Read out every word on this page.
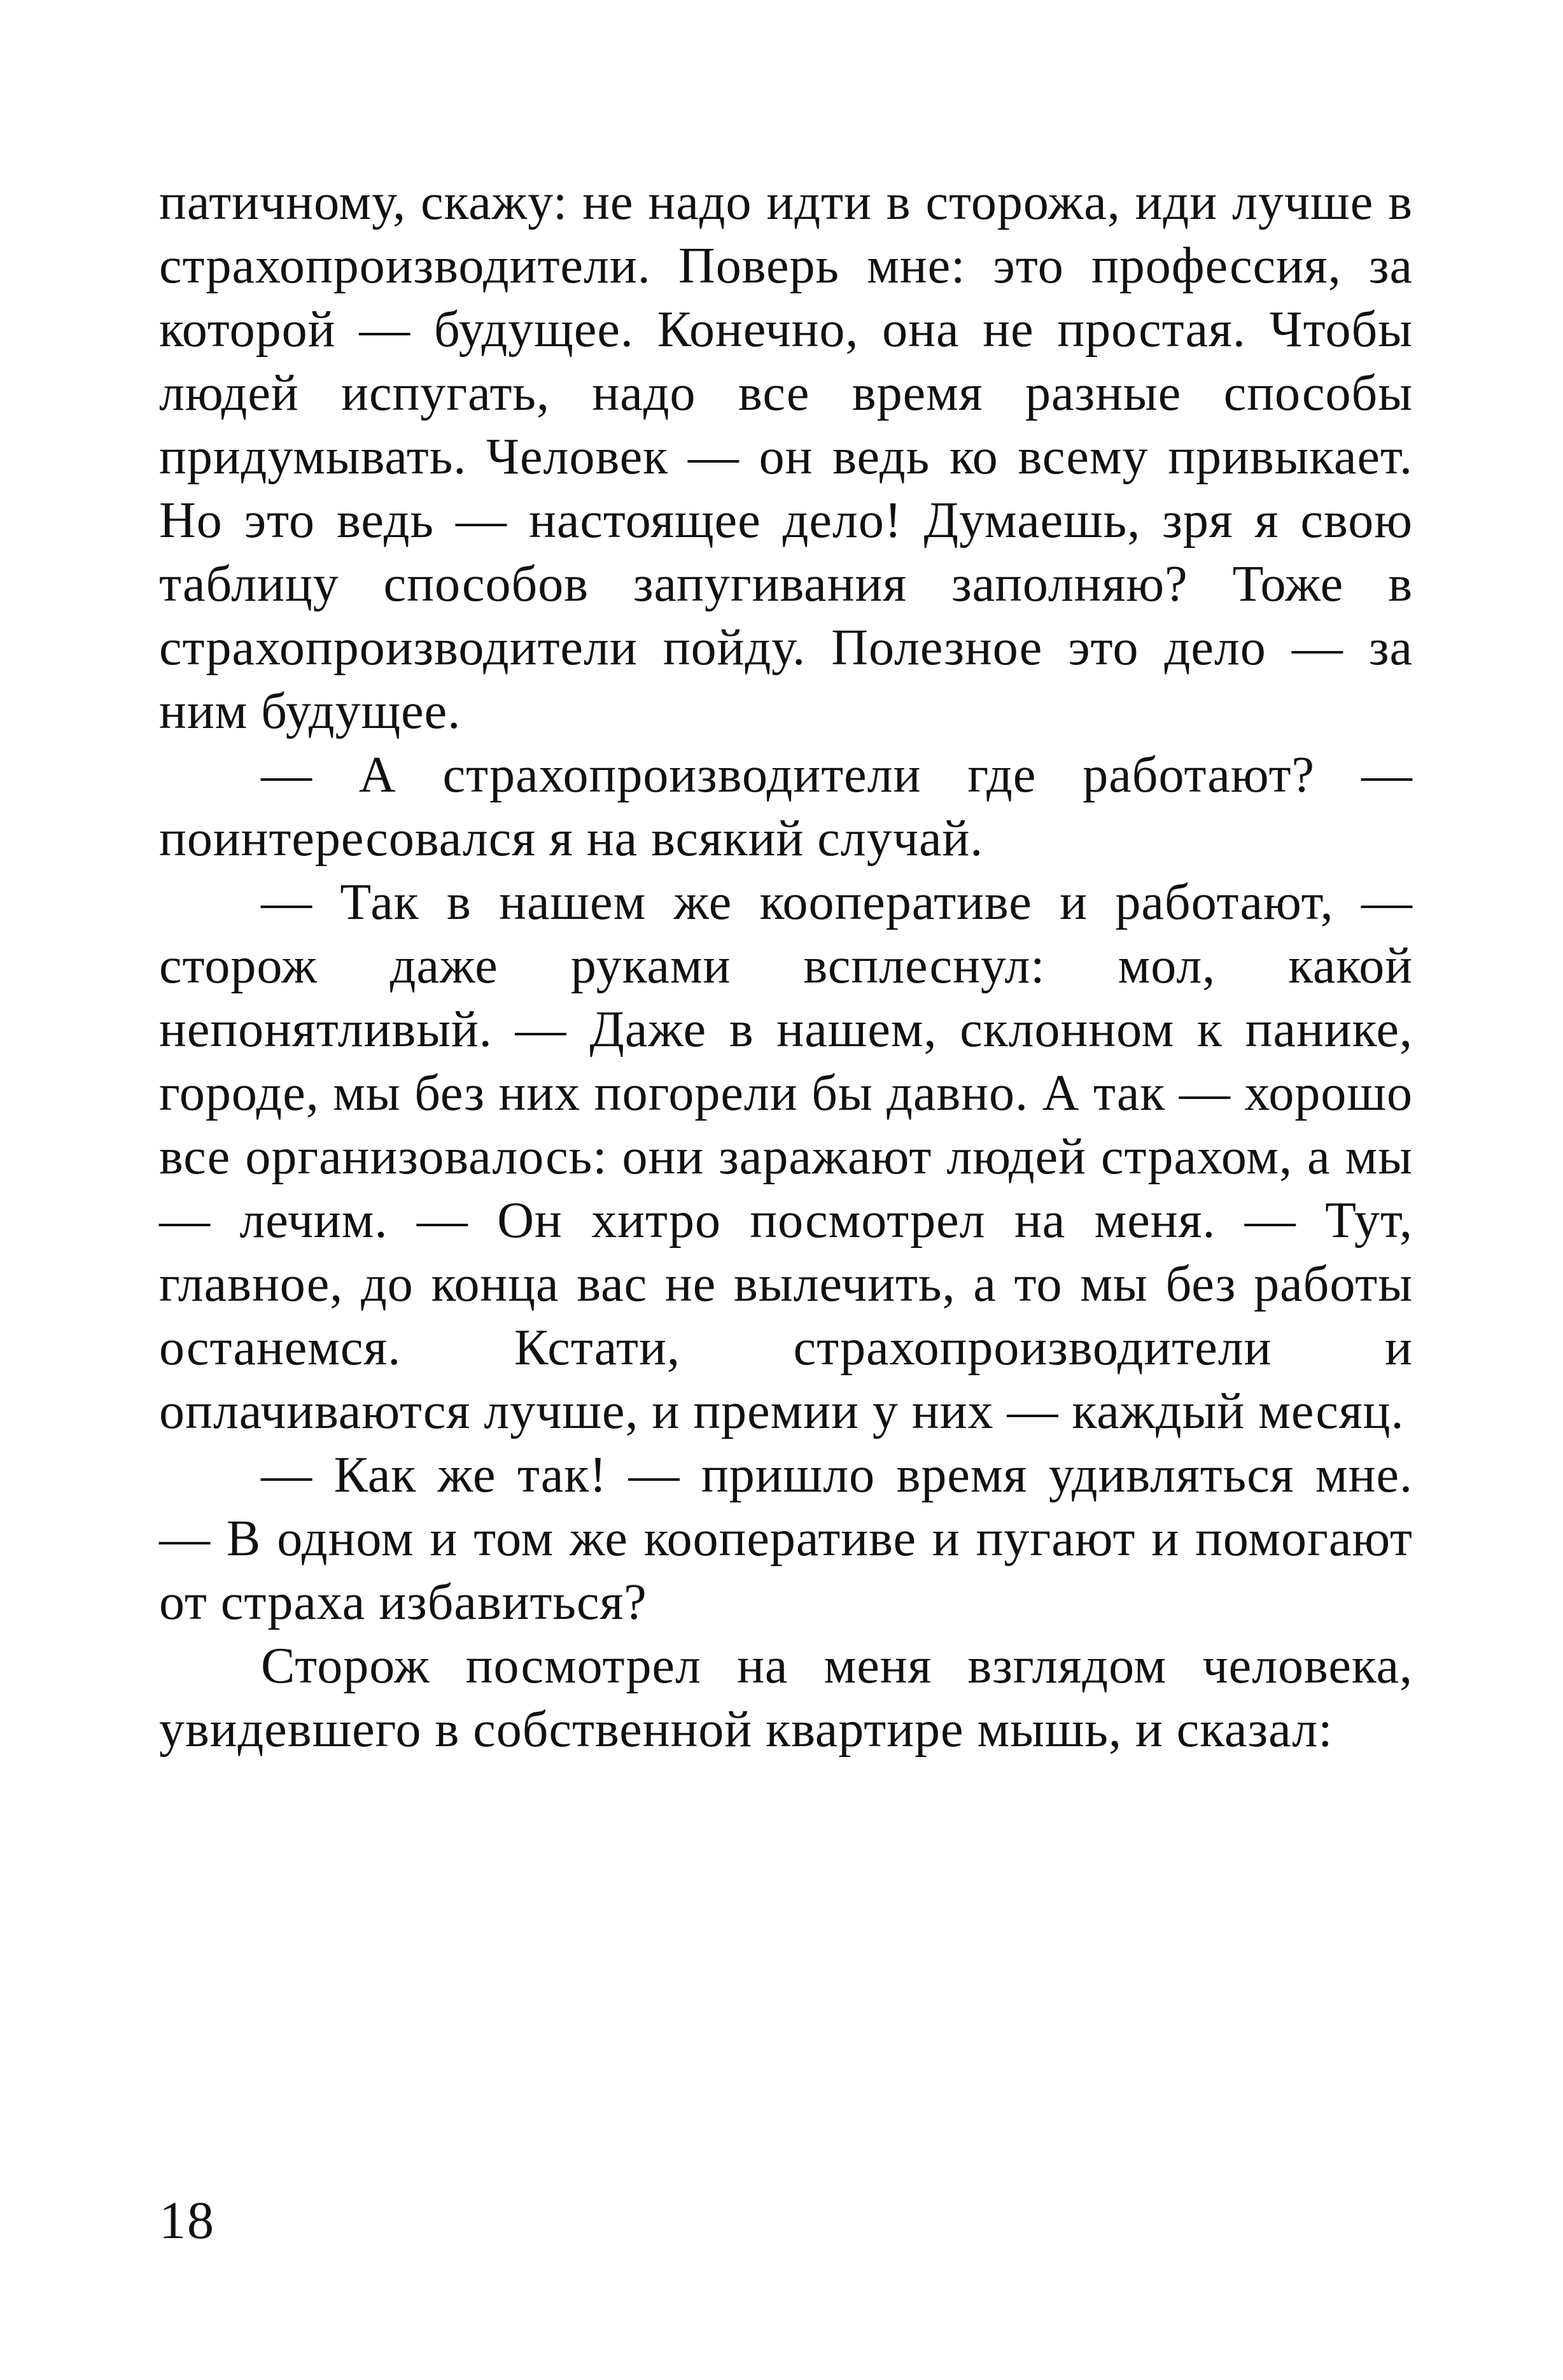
патичному, скажу: не надо идти в сторожа, иди лучше в страхопроизводители. Поверь мне: это профессия, за которой — будущее. Конечно, она не простая. Чтобы людей испугать, надо все время разные способы придумывать. Человек — он ведь ко всему привыкает. Но это ведь — настоящее дело! Думаешь, зря я свою таблицу способов запугивания заполняю? Тоже в страхопроизводители пойду. Полезное это дело — за ним будущее.

— А страхопроизводители где работают? — поинтересовался я на всякий случай.

— Так в нашем же кооперативе и работают, — сторож даже руками всплеснул: мол, какой непонятливый. — Даже в нашем, склонном к панике, городе, мы без них погорели бы давно. А так — хорошо все организовалось: они заражают людей страхом, а мы — лечим. — Он хитро посмотрел на меня. — Тут, главное, до конца вас не вылечить, а то мы без работы останемся. Кстати, страхопроизводители и оплачиваются лучше, и премии у них — каждый месяц.

— Как же так! — пришло время удивляться мне. — В одном и том же кооперативе и пугают и помогают от страха избавиться?

Сторож посмотрел на меня взглядом человека, увидевшего в собственной квартире мышь, и сказал:

18
